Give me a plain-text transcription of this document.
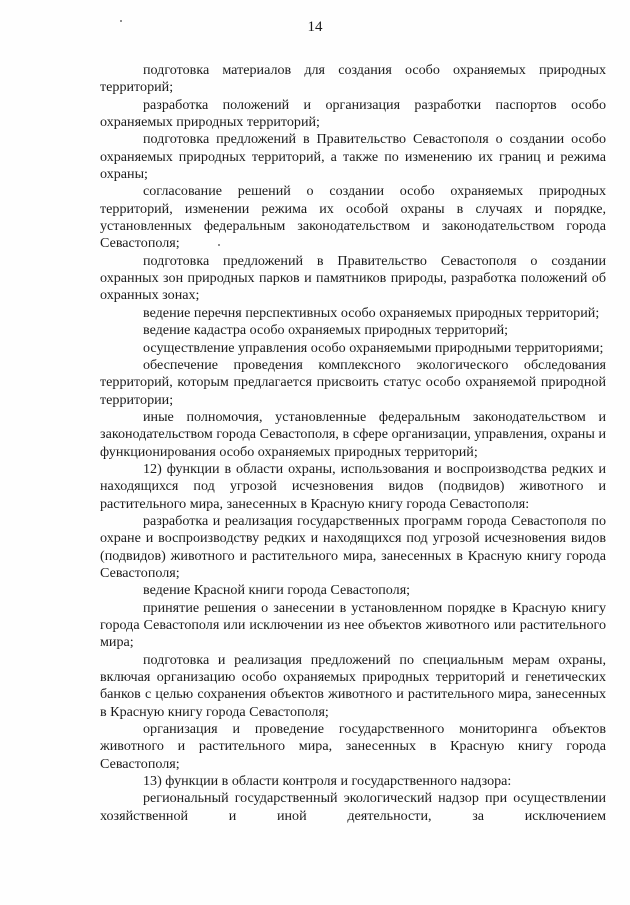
14

подготовка материалов для создания особо охраняемых природных территорий;

разработка положений и организация разработки паспортов особо охраняемых природных территорий;

подготовка предложений в Правительство Севастополя о создании особо охраняемых природных территорий, а также по изменению их границ и режима охраны;

согласование решений о создании особо охраняемых природных территорий, изменении режима их особой охраны в случаях и порядке, установленных федеральным законодательством и законодательством города Севастополя;

подготовка предложений в Правительство Севастополя о создании охранных зон природных парков и памятников природы, разработка положений об охранных зонах;

ведение перечня перспективных особо охраняемых природных территорий;

ведение кадастра особо охраняемых природных территорий;

осуществление управления особо охраняемыми природными территориями;

обеспечение проведения комплексного экологического обследования территорий, которым предлагается присвоить статус особо охраняемой природной территории;

иные полномочия, установленные федеральным законодательством и законодательством города Севастополя, в сфере организации, управления, охраны и функционирования особо охраняемых природных территорий;

12) функции в области охраны, использования и воспроизводства редких и находящихся под угрозой исчезновения видов (подвидов) животного и растительного мира, занесенных в Красную книгу города Севастополя:

разработка и реализация государственных программ города Севастополя по охране и воспроизводству редких и находящихся под угрозой исчезновения видов (подвидов) животного и растительного мира, занесенных в Красную книгу города Севастополя;

ведение Красной книги города Севастополя;

принятие решения о занесении в установленном порядке в Красную книгу города Севастополя или исключении из нее объектов животного или растительного мира;

подготовка и реализация предложений по специальным мерам охраны, включая организацию особо охраняемых природных территорий и генетических банков с целью сохранения объектов животного и растительного мира, занесенных в Красную книгу города Севастополя;

организация и проведение государственного мониторинга объектов животного и растительного мира, занесенных в Красную книгу города Севастополя;

13) функции в области контроля и государственного надзора:

региональный государственный экологический надзор при осуществлении хозяйственной и иной деятельности, за исключением
